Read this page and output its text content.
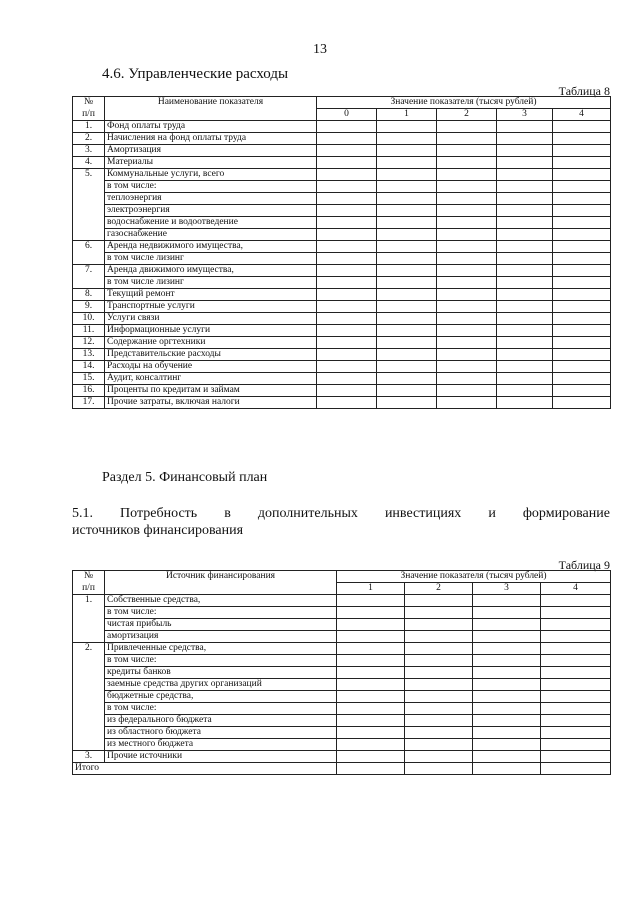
13
4.6. Управленческие расходы
Таблица 8
№	Наименование показателя	Значение показателя (тысяч рублей)				
п/п		0	1	2	3	4
1.	Фонд оплаты труда					
2.	Начисления на фонд оплаты труда					
3.	Амортизация					
4.	Материалы					
5.	Коммунальные услуги, всего					
	в том числе:					
	теплоэнергия					
	электроэнергия					
	водоснабжение и водоотведение					
	газоснабжение					
6.	Аренда недвижимого имущества,					
	в том числе лизинг					
7.	Аренда движимого имущества,					
	в том числе лизинг					
8.	Текущий ремонт					
9.	Транспортные услуги					
10.	Услуги связи					
11.	Информационные услуги					
12.	Содержание оргтехники					
13.	Представительские расходы					
14.	Расходы на обучение					
15.	Аудит, консалтинг					
16.	Проценты по кредитам и займам					
17.	Прочие затраты, включая налоги					
Раздел 5. Финансовый план
5.1. Потребность в дополнительных инвестициях и формирование
источников финансирования
Таблица 9
№	Источник финансирования	Значение показателя (тысяч рублей)			
п/п		1	2	3	4
1.	Собственные средства,				
	в том числе:				
	чистая прибыль				
	амортизация				
2.	Привлеченные средства,				
	в том числе:				
	кредиты банков				
	заемные средства других организаций				
	бюджетные средства,				
	в том числе:				
	из федерального бюджета				
	из областного бюджета				
	из местного бюджета				
3.	Прочие источники				
Итого					
